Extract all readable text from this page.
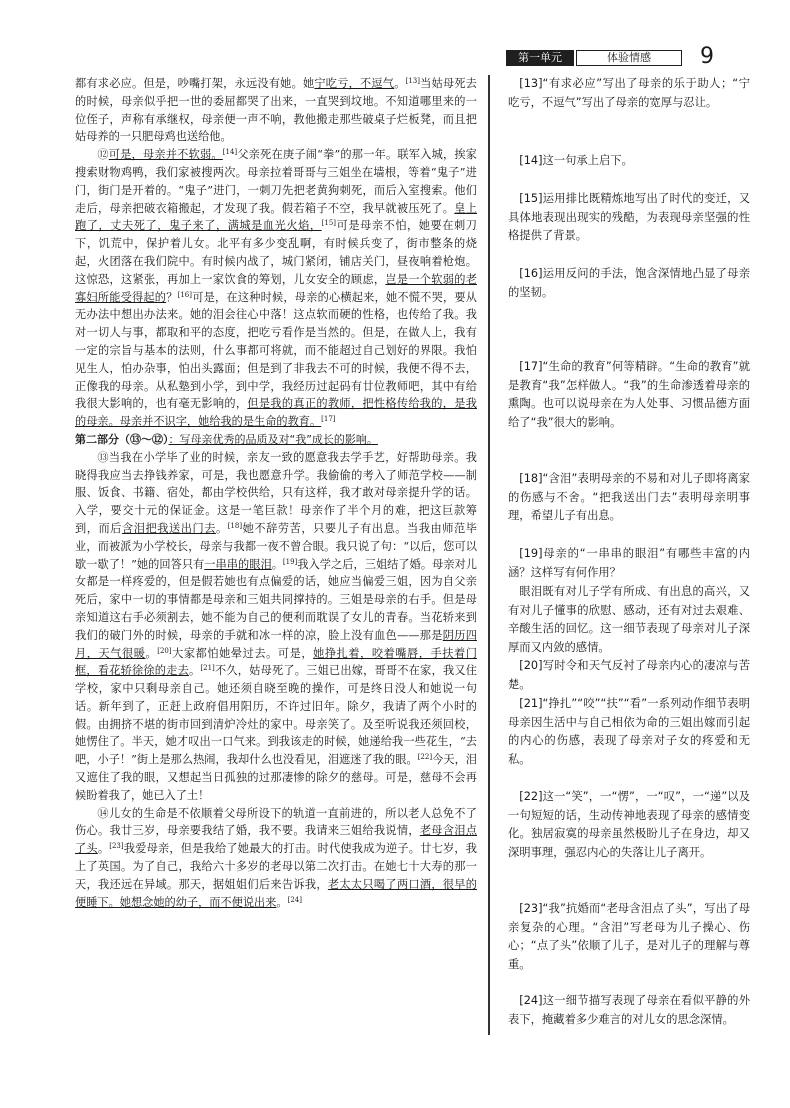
第一单元	体验情感	9

都有求必应。但是，吵嘴打架，永远没有她。她宁吃亏，不逗气。[13]当姑母死去的时候，母亲似乎把一世的委屈都哭了出来，一直哭到坟地。不知道哪里来的一位侄子，声称有承继权，母亲便一声不响，教他搬走那些破桌子烂板凳，而且把姑母养的一只肥母鸡也送给他。

⑫可是，母亲并不软弱。[14]父亲死在庚子闹“拳”的那一年。联军入城，挨家搜索财物鸡鸭，我们家被搜两次。母亲拉着哥哥与三姐坐在墙根，等着“鬼子”进门，街门是开着的。“鬼子”进门，一刺刀先把老黄狗刺死，而后入室搜索。他们走后，母亲把破衣箱搬起，才发现了我。假若箱子不空，我早就被压死了。皇上跑了，丈夫死了，鬼子来了，满城是血光火焰，[15]可是母亲不怕，她要在刺刀下，饥荒中，保护着儿女。北平有多少变乱啊，有时候兵变了，街市整条的烧起，火团落在我们院中。有时候内战了，城门紧闭，铺店关门，昼夜响着枪炮。这惊恐，这紧张，再加上一家饮食的筹划，儿女安全的顾虑，岂是一个软弱的老寡妇所能受得起的？[16]可是，在这种时候，母亲的心横起来，她不慌不哭，要从无办法中想出办法来。她的泪会往心中落！这点软而硬的性格，也传给了我。我对一切人与事，都取和平的态度，把吃亏看作是当然的。但是，在做人上，我有一定的宗旨与基本的法则，什么事都可将就，而不能超过自己划好的界限。我怕见生人，怕办杂事，怕出头露面；但是到了非我去不可的时候，我便不得不去，正像我的母亲。从私塾到小学，到中学，我经历过起码有廿位教师吧，其中有给我很大影响的，也有毫无影响的，但是我的真正的教师，把性格传给我的，是我的母亲。母亲并不识字，她给我的是生命的教育。[17]

第二部分（⑬～⑫）：写母亲优秀的品质及对“我”成长的影响。

⑬当我在小学毕了业的时候，亲友一致的愿意我去学手艺，好帮助母亲。我晓得我应当去挣钱养家，可是，我也愿意升学。我偷偷的考入了师范学校——制服、饭食、书籍、宿处，都由学校供给，只有这样，我才敢对母亲提升学的话。入学，要交十元的保证金。这是一笔巨款！母亲作了半个月的难，把这巨款筹到，而后含泪把我送出门去。[18]她不辞劳苦，只要儿子有出息。当我由师范毕业，而被派为小学校长，母亲与我都一夜不曾合眼。我只说了句：“以后，您可以歇一歇了！”她的回答只有一串串的眼泪。[19]我入学之后，三姐结了婚。母亲对儿女都是一样疼爱的，但是假若她也有点偏爱的话，她应当偏爱三姐，因为自父亲死后，家中一切的事情都是母亲和三姐共同撑持的。三姐是母亲的右手。但是母亲知道这右手必须割去，她不能为自己的便利而耽误了女儿的青春。当花轿来到我们的破门外的时候，母亲的手就和冰一样的凉，脸上没有血色——那是阴历四月，天气很暖。[20]大家都怕她晕过去。可是，她挣扎着，咬着嘴唇，手扶着门框，看花轿徐徐的走去。[21]不久，姑母死了。三姐已出嫁，哥哥不在家，我又住学校，家中只剩母亲自己。她还须自晓至晚的操作，可是终日没人和她说一句话。新年到了，正赶上政府倡用阳历，不许过旧年。除夕，我请了两个小时的假。由拥挤不堪的街市回到清炉冷灶的家中。母亲笑了。及至听说我还须回校，她愣住了。半天，她才叹出一口气来。到我该走的时候，她递给我一些花生，“去吧，小子！”街上是那么热闹，我却什么也没看见，泪遮迷了我的眼。[22]今天，泪又遮住了我的眼，又想起当日孤独的过那凄惨的除夕的慈母。可是，慈母不会再候盼着我了，她已入了土！

⑭儿女的生命是不依顺着父母所设下的轨道一直前进的，所以老人总免不了伤心。我廿三岁，母亲要我结了婚，我不要。我请来三姐给我说情，老母含泪点了头。[23]我爱母亲，但是我给了她最大的打击。时代使我成为逆子。廿七岁，我上了英国。为了自己，我给六十多岁的老母以第二次打击。在她七十大寿的那一天，我还远在异域。那天，据姐姐们后来告诉我，老太太只喝了两口酒，很早的便睡下。她想念她的幼子，而不便说出来。[24]

[13]“有求必应”写出了母亲的乐于助人；“宁吃亏，不逗气”写出了母亲的宽厚与忍让。

[14]这一句承上启下。

[15]运用排比既精炼地写出了时代的变迁，又具体地表现出现实的残酷，为表现母亲坚强的性格提供了背景。

[16]运用反问的手法，饱含深情地凸显了母亲的坚韧。

[17]“生命的教育”何等精辟。“生命的教育”就是教育“我”怎样做人。“我”的生命渗透着母亲的熏陶。也可以说母亲在为人处事、习惯品德方面给了“我”很大的影响。

[18]“含泪”表明母亲的不易和对儿子即将离家的伤感与不舍。“把我送出门去”表明母亲明事理，希望儿子有出息。

[19]母亲的“一串串的眼泪”有哪些丰富的内涵？这样写有何作用？

眼泪既有对儿子学有所成、有出息的高兴，又有对儿子懂事的欣慰、感动，还有对过去艰难、辛酸生活的回忆。这一细节表现了母亲对儿子深厚而又内敛的感情。

[20]写时令和天气反衬了母亲内心的凄凉与苦楚。

[21]“挣扎”“咬”“扶”“看”一系列动作细节表明母亲因生活中与自己相依为命的三姐出嫁而引起的内心的伤感，表现了母亲对子女的疼爱和无私。

[22]这一“笑”，一“愣”，一“叹”，一“递”以及一句短短的话，生动传神地表现了母亲的感情变化。独居寂寞的母亲虽然极盼儿子在身边，却又深明事理，强忍内心的失落让儿子离开。

[23]“我”抗婚而“老母含泪点了头”，写出了母亲复杂的心理。“含泪”写老母为儿子操心、伤心；“点了头”依顺了儿子，是对儿子的理解与尊重。

[24]这一细节描写表现了母亲在看似平静的外表下，掩藏着多少难言的对儿女的思念深情。
